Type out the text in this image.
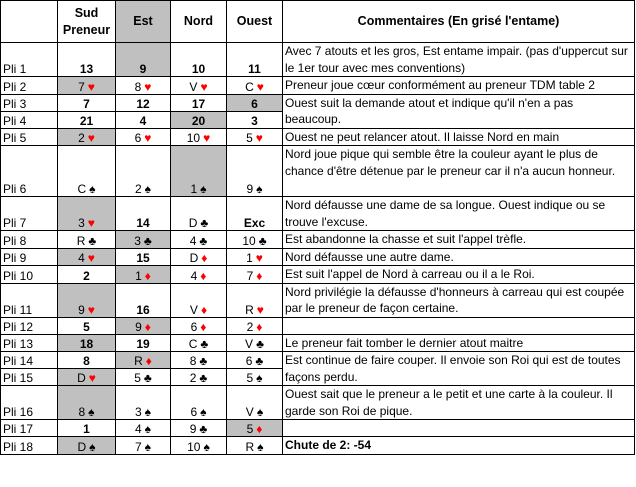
	Sud Preneur	Est	Nord	Ouest	Commentaires (En grisé l'entame)
Pli 1	13	9	10	11	Avec 7 atouts et les gros, Est entame impair. (pas d'uppercut sur le 1er tour avec mes conventions)
Pli 2	7 ♥	8 ♥	V ♥	C ♥	Preneur joue cœur conformément au preneur TDM table 2
Pli 3	7	12	17	6	Ouest suit la demande atout et indique qu'il n'en a pas beaucoup.
Pli 4	21	4	20	3	
Pli 5	2 ♥	6 ♥	10 ♥	5 ♥	Ouest ne peut relancer atout. Il laisse Nord en main
Pli 6	C ♠	2 ♠	1 ♠	9 ♠	Nord joue pique qui semble être la couleur ayant le plus de chance d'être détenue par le preneur car il n'a aucun honneur.
Pli 7	3 ♥	14	D ♣	Exc	Nord défausse une dame de sa longue. Ouest indique ou se trouve l'excuse.
Pli 8	R ♣	3 ♣	4 ♣	10 ♣	Est abandonne la chasse et suit l'appel trèfle.
Pli 9	4 ♥	15	D ♦	1 ♥	Nord défausse une autre dame.
Pli 10	2	1 ♦	4 ♦	7 ♦	Est suit l'appel de Nord à carreau ou il a le Roi.
Pli 11	9 ♥	16	V ♦	R ♥	Nord privilégie la défausse d'honneurs à carreau qui est coupée par le preneur de façon certaine.
Pli 12	5	9 ♦	6 ♦	2 ♦	
Pli 13	18	19	C ♣	V ♣	Le preneur fait tomber le dernier atout maitre
Pli 14	8	R ♦	8 ♣	6 ♣	Est continue de faire couper. Il envoie son Roi qui est de toutes façons perdu.
Pli 15	D ♥	5 ♣	2 ♣	5 ♠	
Pli 16	8 ♠	3 ♠	6 ♠	V ♠	Ouest sait que le preneur a le petit et une carte à la couleur. Il garde son Roi de pique.
Pli 17	1	4 ♠	9 ♣	5 ♦	
Pli 18	D ♠	7 ♠	10 ♠	R ♠	Chute de 2: -54
